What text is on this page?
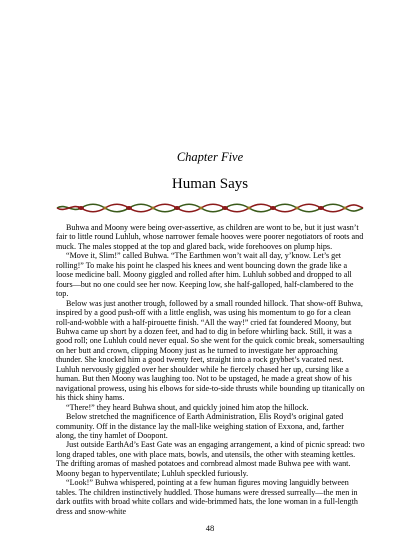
Chapter Five
Human Says

Buhwa and Moony were being over-assertive, as children are wont to be, but it just wasn’t fair to little round Luhluh, whose narrower female hooves were poorer negotiators of roots and muck. The males stopped at the top and glared back, wide forehooves on plump hips.

“Move it, Slim!” called Buhwa. “The Earthmen won’t wait all day, y’know. Let’s get rolling!” To make his point he clasped his knees and went bouncing down the grade like a loose medicine ball. Moony giggled and rolled after him. Luhluh sobbed and dropped to all fours—but no one could see her now. Keeping low, she half-galloped, half-clambered to the top.

Below was just another trough, followed by a small rounded hillock. That show-off Buhwa, inspired by a good push-off with a little english, was using his momentum to go for a clean roll-and-wobble with a half-pirouette finish. “All the way!” cried fat foundered Moony, but Buhwa came up short by a dozen feet, and had to dig in before whirling back. Still, it was a good roll; one Luhluh could never equal. So she went for the quick comic break, somersaulting on her butt and crown, clipping Moony just as he turned to investigate her approaching thunder. She knocked him a good twenty feet, straight into a rock grybbet’s vacated nest. Luhluh nervously giggled over her shoulder while he fiercely chased her up, cursing like a human. But then Moony was laughing too. Not to be upstaged, he made a great show of his navigational prowess, using his elbows for side-to-side thrusts while bounding up titanically on his thick shiny hams.

“There!” they heard Buhwa shout, and quickly joined him atop the hillock.

Below stretched the magnificence of Earth Administration, Elis Royd’s original gated community. Off in the distance lay the mall-like weighing station of Exxona, and, farther along, the tiny hamlet of Doopont.

Just outside EarthAd’s East Gate was an engaging arrangement, a kind of picnic spread: two long draped tables, one with place mats, bowls, and utensils, the other with steaming kettles. The drifting aromas of mashed potatoes and cornbread almost made Buhwa pee with want. Moony began to hyperventilate; Luhluh speckled furiously.

“Look!” Buhwa whispered, pointing at a few human figures moving languidly between tables. The children instinctively huddled. Those humans were dressed surreally—the men in dark outfits with broad white collars and wide-brimmed hats, the lone woman in a full-length dress and snow-white

48
